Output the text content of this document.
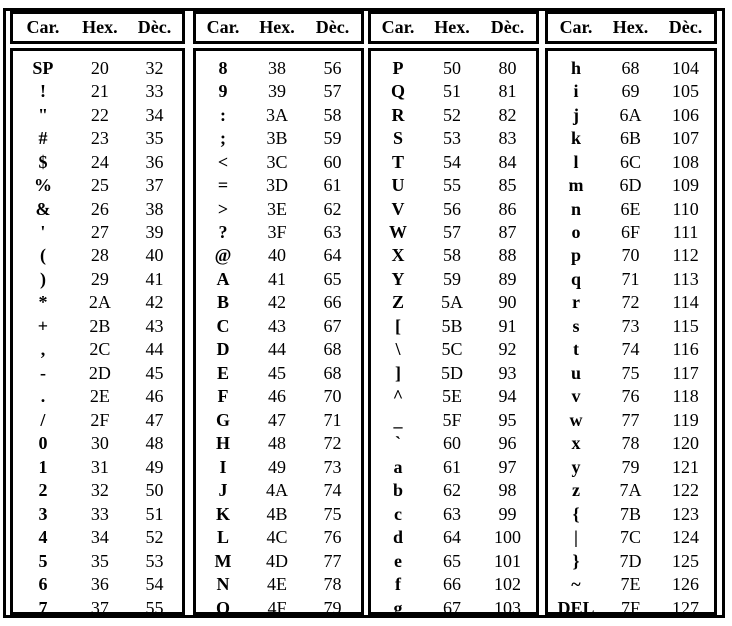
Car.	Hex.	Dèc.
SP	20	32
!	21	33
"	22	34
#	23	35
$	24	36
%	25	37
&	26	38
'	27	39
(	28	40
)	29	41
*	2A	42
+	2B	43
,	2C	44
-	2D	45
.	2E	46
/	2F	47
0	30	48
1	31	49
2	32	50
3	33	51
4	34	52
5	35	53
6	36	54
7	37	55
Car.	Hex.	Dèc.
8	38	56
9	39	57
:	3A	58
;	3B	59
<	3C	60
=	3D	61
>	3E	62
?	3F	63
@	40	64
A	41	65
B	42	66
C	43	67
D	44	68
E	45	68
F	46	70
G	47	71
H	48	72
I	49	73
J	4A	74
K	4B	75
L	4C	76
M	4D	77
N	4E	78
O	4F	79
Car.	Hex.	Dèc.
P	50	80
Q	51	81
R	52	82
S	53	83
T	54	84
U	55	85
V	56	86
W	57	87
X	58	88
Y	59	89
Z	5A	90
[	5B	91
\	5C	92
]	5D	93
^	5E	94
_	5F	95
`	60	96
a	61	97
b	62	98
c	63	99
d	64	100
e	65	101
f	66	102
g	67	103
Car.	Hex.	Dèc.
h	68	104
i	69	105
j	6A	106
k	6B	107
l	6C	108
m	6D	109
n	6E	110
o	6F	111
p	70	112
q	71	113
r	72	114
s	73	115
t	74	116
u	75	117
v	76	118
w	77	119
x	78	120
y	79	121
z	7A	122
{	7B	123
|	7C	124
}	7D	125
~	7E	126
DEL	7F	127
